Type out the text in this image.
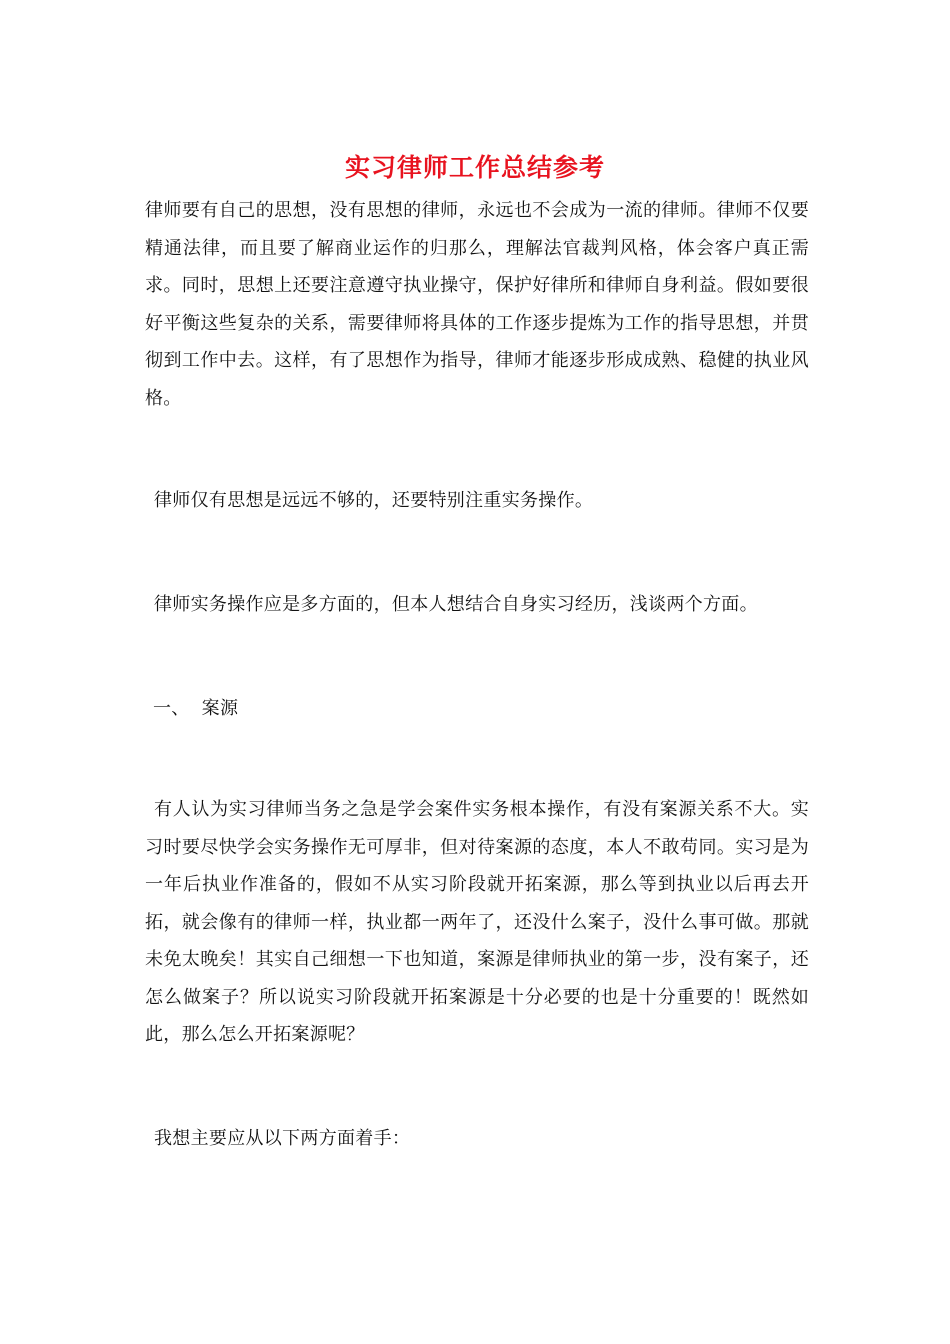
实习律师工作总结参考

律师要有自己的思想，没有思想的律师，永远也不会成为一流的律师。律师不仅要精通法律，而且要了解商业运作的归那么，理解法官裁判风格，体会客户真正需求。同时，思想上还要注意遵守执业操守，保护好律所和律师自身利益。假如要很好平衡这些复杂的关系，需要律师将具体的工作逐步提炼为工作的指导思想，并贯彻到工作中去。这样，有了思想作为指导，律师才能逐步形成成熟、稳健的执业风格。

律师仅有思想是远远不够的，还要特别注重实务操作。

律师实务操作应是多方面的，但本人想结合自身实习经历，浅谈两个方面。

一、  案源

有人认为实习律师当务之急是学会案件实务根本操作，有没有案源关系不大。实习时要尽快学会实务操作无可厚非，但对待案源的态度，本人不敢苟同。实习是为一年后执业作准备的，假如不从实习阶段就开拓案源，那么等到执业以后再去开拓，就会像有的律师一样，执业都一两年了，还没什么案子，没什么事可做。那就未免太晚矣！其实自己细想一下也知道，案源是律师执业的第一步，没有案子，还怎么做案子？所以说实习阶段就开拓案源是十分必要的也是十分重要的！既然如此，那么怎么开拓案源呢？

我想主要应从以下两方面着手：
